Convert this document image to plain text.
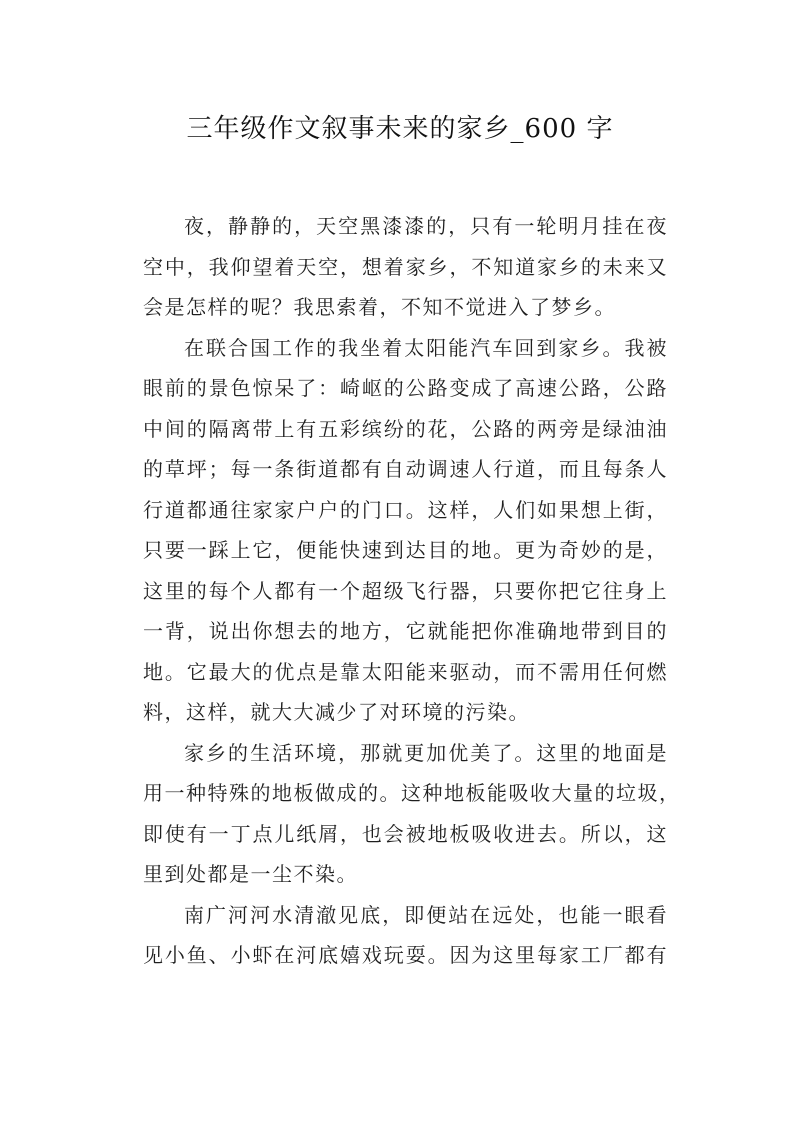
三年级作文叙事未来的家乡_600 字
夜，静静的，天空黑漆漆的，只有一轮明月挂在夜
空中，我仰望着天空，想着家乡，不知道家乡的未来又
会是怎样的呢？我思索着，不知不觉进入了梦乡。
在联合国工作的我坐着太阳能汽车回到家乡。我被
眼前的景色惊呆了：崎岖的公路变成了高速公路，公路
中间的隔离带上有五彩缤纷的花，公路的两旁是绿油油
的草坪；每一条街道都有自动调速人行道，而且每条人
行道都通往家家户户的门口。这样，人们如果想上街，
只要一踩上它，便能快速到达目的地。更为奇妙的是，
这里的每个人都有一个超级飞行器，只要你把它往身上
一背，说出你想去的地方，它就能把你准确地带到目的
地。它最大的优点是靠太阳能来驱动，而不需用任何燃
料，这样，就大大减少了对环境的污染。
家乡的生活环境，那就更加优美了。这里的地面是
用一种特殊的地板做成的。这种地板能吸收大量的垃圾，
即使有一丁点儿纸屑，也会被地板吸收进去。所以，这
里到处都是一尘不染。
南广河河水清澈见底，即便站在远处，也能一眼看
见小鱼、小虾在河底嬉戏玩耍。因为这里每家工厂都有
